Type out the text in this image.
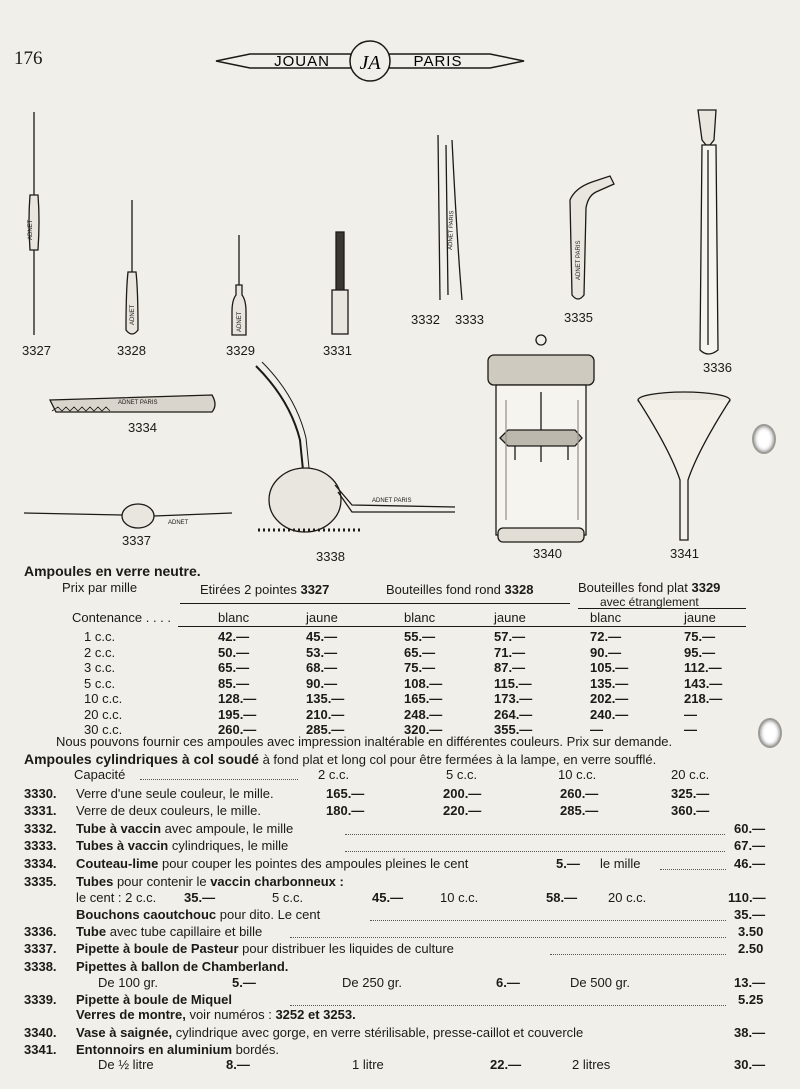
176	JOUAN	PARIS
JA
ADNET
ADNET	ADNET
ADNET PARIS
ADNET PARIS
ADNET PARIS
ADNET
ADNET PARIS
3327	3328	3329	3331
3332 3333	3335
3336
3334
3337
3338	3340	3341
Ampoules en verre neutre.
Prix par mille	Etirées 2 pointes 3327	Bouteilles fond rond 3328	Bouteilles fond plat 3329
avec étranglement
Contenance . . . .	blanc	jaune	blanc	jaune	blanc	jaune
1 c.c.	42.—	45.—	55.—	57.—	72.—	75.—
2 c.c.	50.—	53.—	65.—	71.—	90.—	95.—
3 c.c.	65.—	68.—	75.—	87.—	105.—	112.—
5 c.c.	85.—	90.—	108.—	115.—	135.—	143.—
10 c.c.	128.—	135.—	165.—	173.—	202.—	218.—
20 c.c.	195.—	210.—	248.—	264.—	240.—	—
30 c.c.	260.—	285.—	320.—	355.—	—	—
Nous pouvons fournir ces ampoules avec impression inaltérable en différentes couleurs. Prix sur demande.
Ampoules cylindriques à col soudé à fond plat et long col pour être fermées à la lampe, en verre soufflé.
Capacité	2 c.c.	5 c.c.	10 c.c.	20 c.c.
3330. Verre d'une seule couleur, le mille.	165.—	200.—	260.—	325.—
3331. Verre de deux couleurs, le mille.	180.—	220.—	285.—	360.—
3332. Tube à vaccin avec ampoule, le mille	60.—
3333. Tubes à vaccin cylindriques, le mille	67.—
3334. Couteau-lime pour couper les pointes des ampoules pleines le cent	5.— le mille	46.—
3335. Tubes pour contenir le vaccin charbonneux :
le cent : 2 c.c. 35.—	5 c.c.	45.—	10 c.c.	58.— 20 c.c.	110.—
Bouchons caoutchouc pour dito. Le cent	35.—
3336. Tube avec tube capillaire et bille	3.50
3337. Pipette à boule de Pasteur pour distribuer les liquides de culture	2.50
3338. Pipettes à ballon de Chamberland.
De 100 gr.	5.—	De 250 gr.	6.—	De 500 gr.	13.—
3339. Pipette à boule de Miquel	5.25
Verres de montre, voir numéros : 3252 et 3253.
3340. Vase à saignée, cylindrique avec gorge, en verre stérilisable, presse-caillot et couvercle	38.—
3341. Entonnoirs en aluminium bordés.
De ½ litre	8.—	1 litre	22.—	2 litres	30.—
